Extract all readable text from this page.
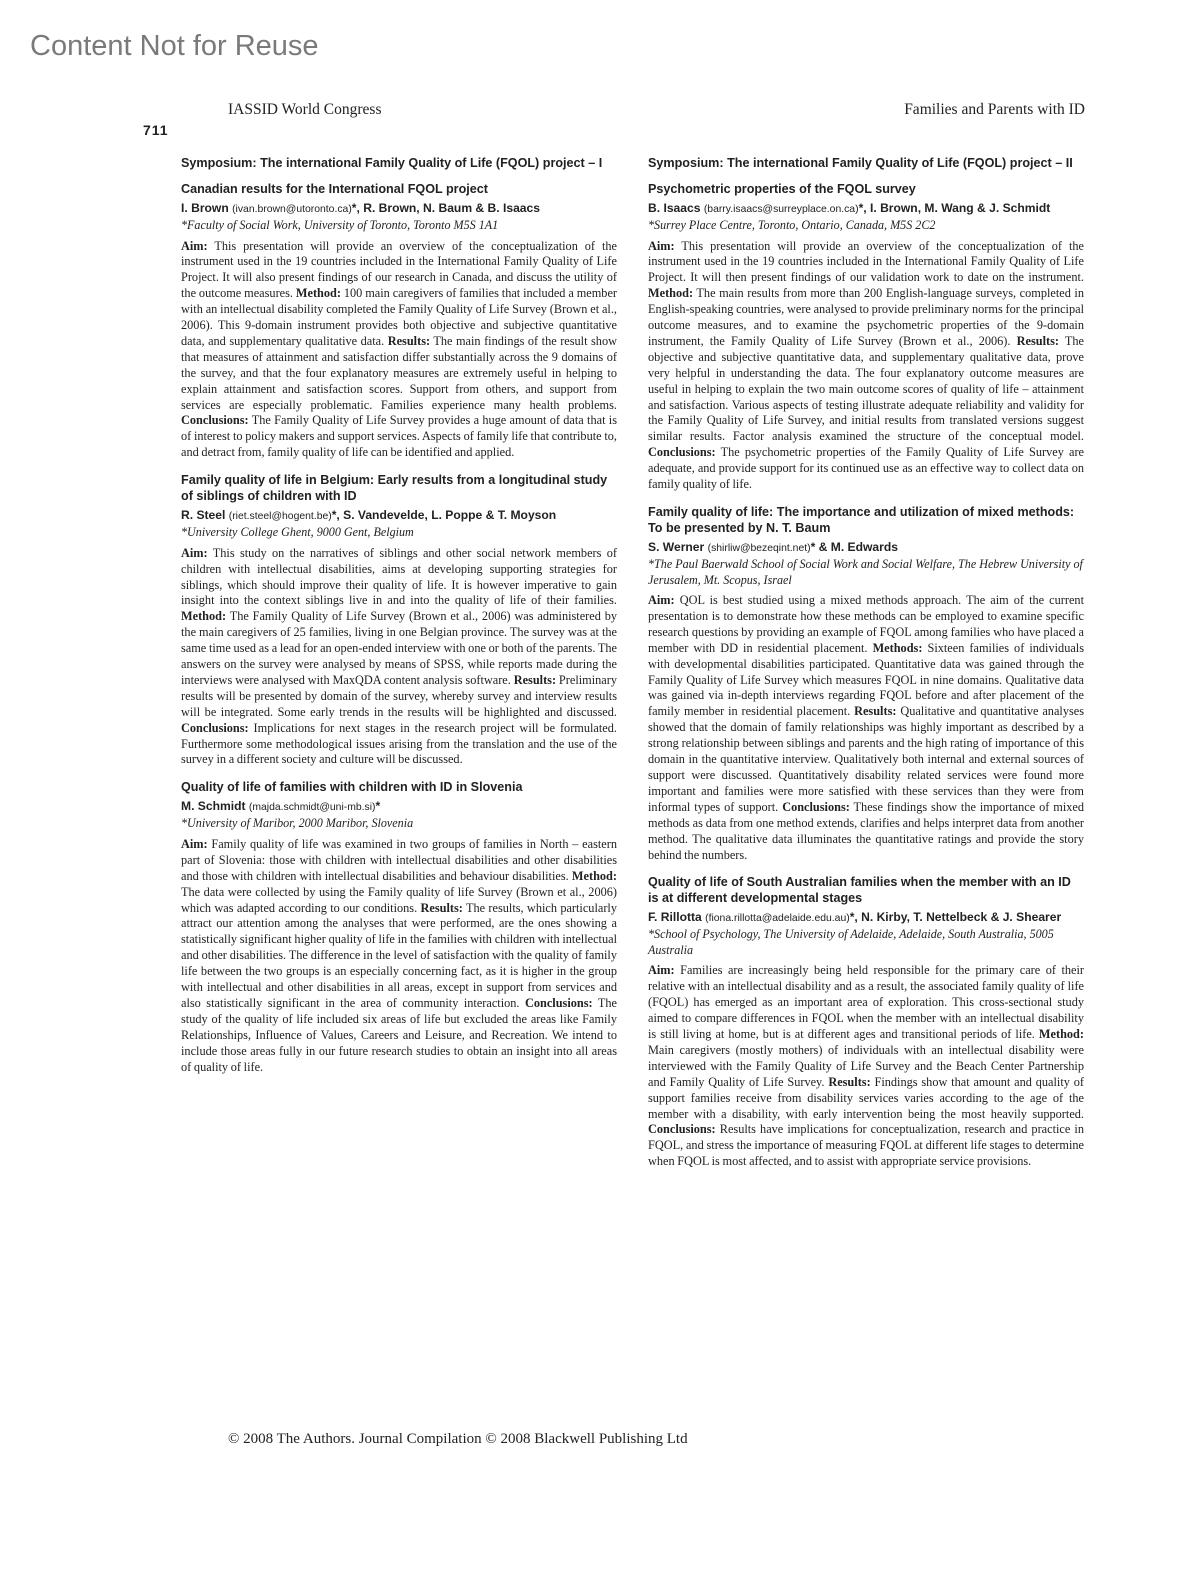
Content Not for Reuse
IASSID World Congress	Families and Parents with ID
711
Symposium: The international Family Quality of Life (FQOL) project – I
Canadian results for the International FQOL project
I. Brown (ivan.brown@utoronto.ca)*, R. Brown, N. Baum & B. Isaacs
*Faculty of Social Work, University of Toronto, Toronto M5S 1A1

Aim: This presentation will provide an overview of the conceptualization of the instrument used in the 19 countries included in the International Family Quality of Life Project. It will also present findings of our research in Canada, and discuss the utility of the outcome measures. Method: 100 main caregivers of families that included a member with an intellectual disability completed the Family Quality of Life Survey (Brown et al., 2006). This 9-domain instrument provides both objective and subjective quantitative data, and supplementary qualitative data. Results: The main findings of the result show that measures of attainment and satisfaction differ substantially across the 9 domains of the survey, and that the four explanatory measures are extremely useful in helping to explain attainment and satisfaction scores. Support from others, and support from services are especially problematic. Families experience many health problems. Conclusions: The Family Quality of Life Survey provides a huge amount of data that is of interest to policy makers and support services. Aspects of family life that contribute to, and detract from, family quality of life can be identified and applied.

Family quality of life in Belgium: Early results from a longitudinal study of siblings of children with ID
R. Steel (riet.steel@hogent.be)*, S. Vandevelde, L. Poppe & T. Moyson
*University College Ghent, 9000 Gent, Belgium

Aim: This study on the narratives of siblings and other social network members of children with intellectual disabilities, aims at developing supporting strategies for siblings, which should improve their quality of life. It is however imperative to gain insight into the context siblings live in and into the quality of life of their families. Method: The Family Quality of Life Survey (Brown et al., 2006) was administered by the main caregivers of 25 families, living in one Belgian province. The survey was at the same time used as a lead for an open-ended interview with one or both of the parents. The answers on the survey were analysed by means of SPSS, while reports made during the interviews were analysed with MaxQDA content analysis software. Results: Preliminary results will be presented by domain of the survey, whereby survey and interview results will be integrated. Some early trends in the results will be highlighted and discussed. Conclusions: Implications for next stages in the research project will be formulated. Furthermore some methodological issues arising from the translation and the use of the survey in a different society and culture will be discussed.

Quality of life of families with children with ID in Slovenia
M. Schmidt (majda.schmidt@uni-mb.si)*
*University of Maribor, 2000 Maribor, Slovenia

Aim: Family quality of life was examined in two groups of families in North – eastern part of Slovenia: those with children with intellectual disabilities and other disabilities and those with children with intellectual disabilities and behaviour disabilities. Method: The data were collected by using the Family quality of life Survey (Brown et al., 2006) which was adapted according to our conditions. Results: The results, which particularly attract our attention among the analyses that were performed, are the ones showing a statistically significant higher quality of life in the families with children with intellectual and other disabilities. The difference in the level of satisfaction with the quality of family life between the two groups is an especially concerning fact, as it is higher in the group with intellectual and other disabilities in all areas, except in support from services and also statistically significant in the area of community interaction. Conclusions: The study of the quality of life included six areas of life but excluded the areas like Family Relationships, Influence of Values, Careers and Leisure, and Recreation. We intend to include those areas fully in our future research studies to obtain an insight into all areas of quality of life.

Symposium: The international Family Quality of Life (FQOL) project – II
Psychometric properties of the FQOL survey
B. Isaacs (barry.isaacs@surreyplace.on.ca)*, I. Brown, M. Wang & J. Schmidt
*Surrey Place Centre, Toronto, Ontario, Canada, M5S 2C2

Aim: This presentation will provide an overview of the conceptualization of the instrument used in the 19 countries included in the International Family Quality of Life Project. It will then present findings of our validation work to date on the instrument. Method: The main results from more than 200 English-language surveys, completed in English-speaking countries, were analysed to provide preliminary norms for the principal outcome measures, and to examine the psychometric properties of the 9-domain instrument, the Family Quality of Life Survey (Brown et al., 2006). Results: The objective and subjective quantitative data, and supplementary qualitative data, prove very helpful in understanding the data. The four explanatory outcome measures are useful in helping to explain the two main outcome scores of quality of life – attainment and satisfaction. Various aspects of testing illustrate adequate reliability and validity for the Family Quality of Life Survey, and initial results from translated versions suggest similar results. Factor analysis examined the structure of the conceptual model. Conclusions: The psychometric properties of the Family Quality of Life Survey are adequate, and provide support for its continued use as an effective way to collect data on family quality of life.

Family quality of life: The importance and utilization of mixed methods: To be presented by N. T. Baum
S. Werner (shirliw@bezeqint.net)* & M. Edwards
*The Paul Baerwald School of Social Work and Social Welfare, The Hebrew University of Jerusalem, Mt. Scopus, Israel

Aim: QOL is best studied using a mixed methods approach. The aim of the current presentation is to demonstrate how these methods can be employed to examine specific research questions by providing an example of FQOL among families who have placed a member with DD in residential placement. Methods: Sixteen families of individuals with developmental disabilities participated. Quantitative data was gained through the Family Quality of Life Survey which measures FQOL in nine domains. Qualitative data was gained via in-depth interviews regarding FQOL before and after placement of the family member in residential placement. Results: Qualitative and quantitative analyses showed that the domain of family relationships was highly important as described by a strong relationship between siblings and parents and the high rating of importance of this domain in the quantitative interview. Qualitatively both internal and external sources of support were discussed. Quantitatively disability related services were found more important and families were more satisfied with these services than they were from informal types of support. Conclusions: These findings show the importance of mixed methods as data from one method extends, clarifies and helps interpret data from another method. The qualitative data illuminates the quantitative ratings and provide the story behind the numbers.

Quality of life of South Australian families when the member with an ID is at different developmental stages
F. Rillotta (fiona.rillotta@adelaide.edu.au)*, N. Kirby, T. Nettelbeck & J. Shearer
*School of Psychology, The University of Adelaide, Adelaide, South Australia, 5005 Australia

Aim: Families are increasingly being held responsible for the primary care of their relative with an intellectual disability and as a result, the associated family quality of life (FQOL) has emerged as an important area of exploration. This cross-sectional study aimed to compare differences in FQOL when the member with an intellectual disability is still living at home, but is at different ages and transitional periods of life. Method: Main caregivers (mostly mothers) of individuals with an intellectual disability were interviewed with the Family Quality of Life Survey and the Beach Center Partnership and Family Quality of Life Survey. Results: Findings show that amount and quality of support families receive from disability services varies according to the age of the member with a disability, with early intervention being the most heavily supported. Conclusions: Results have implications for conceptualization, research and practice in FQOL, and stress the importance of measuring FQOL at different life stages to determine when FQOL is most affected, and to assist with appropriate service provisions.

© 2008 The Authors. Journal Compilation © 2008 Blackwell Publishing Ltd
